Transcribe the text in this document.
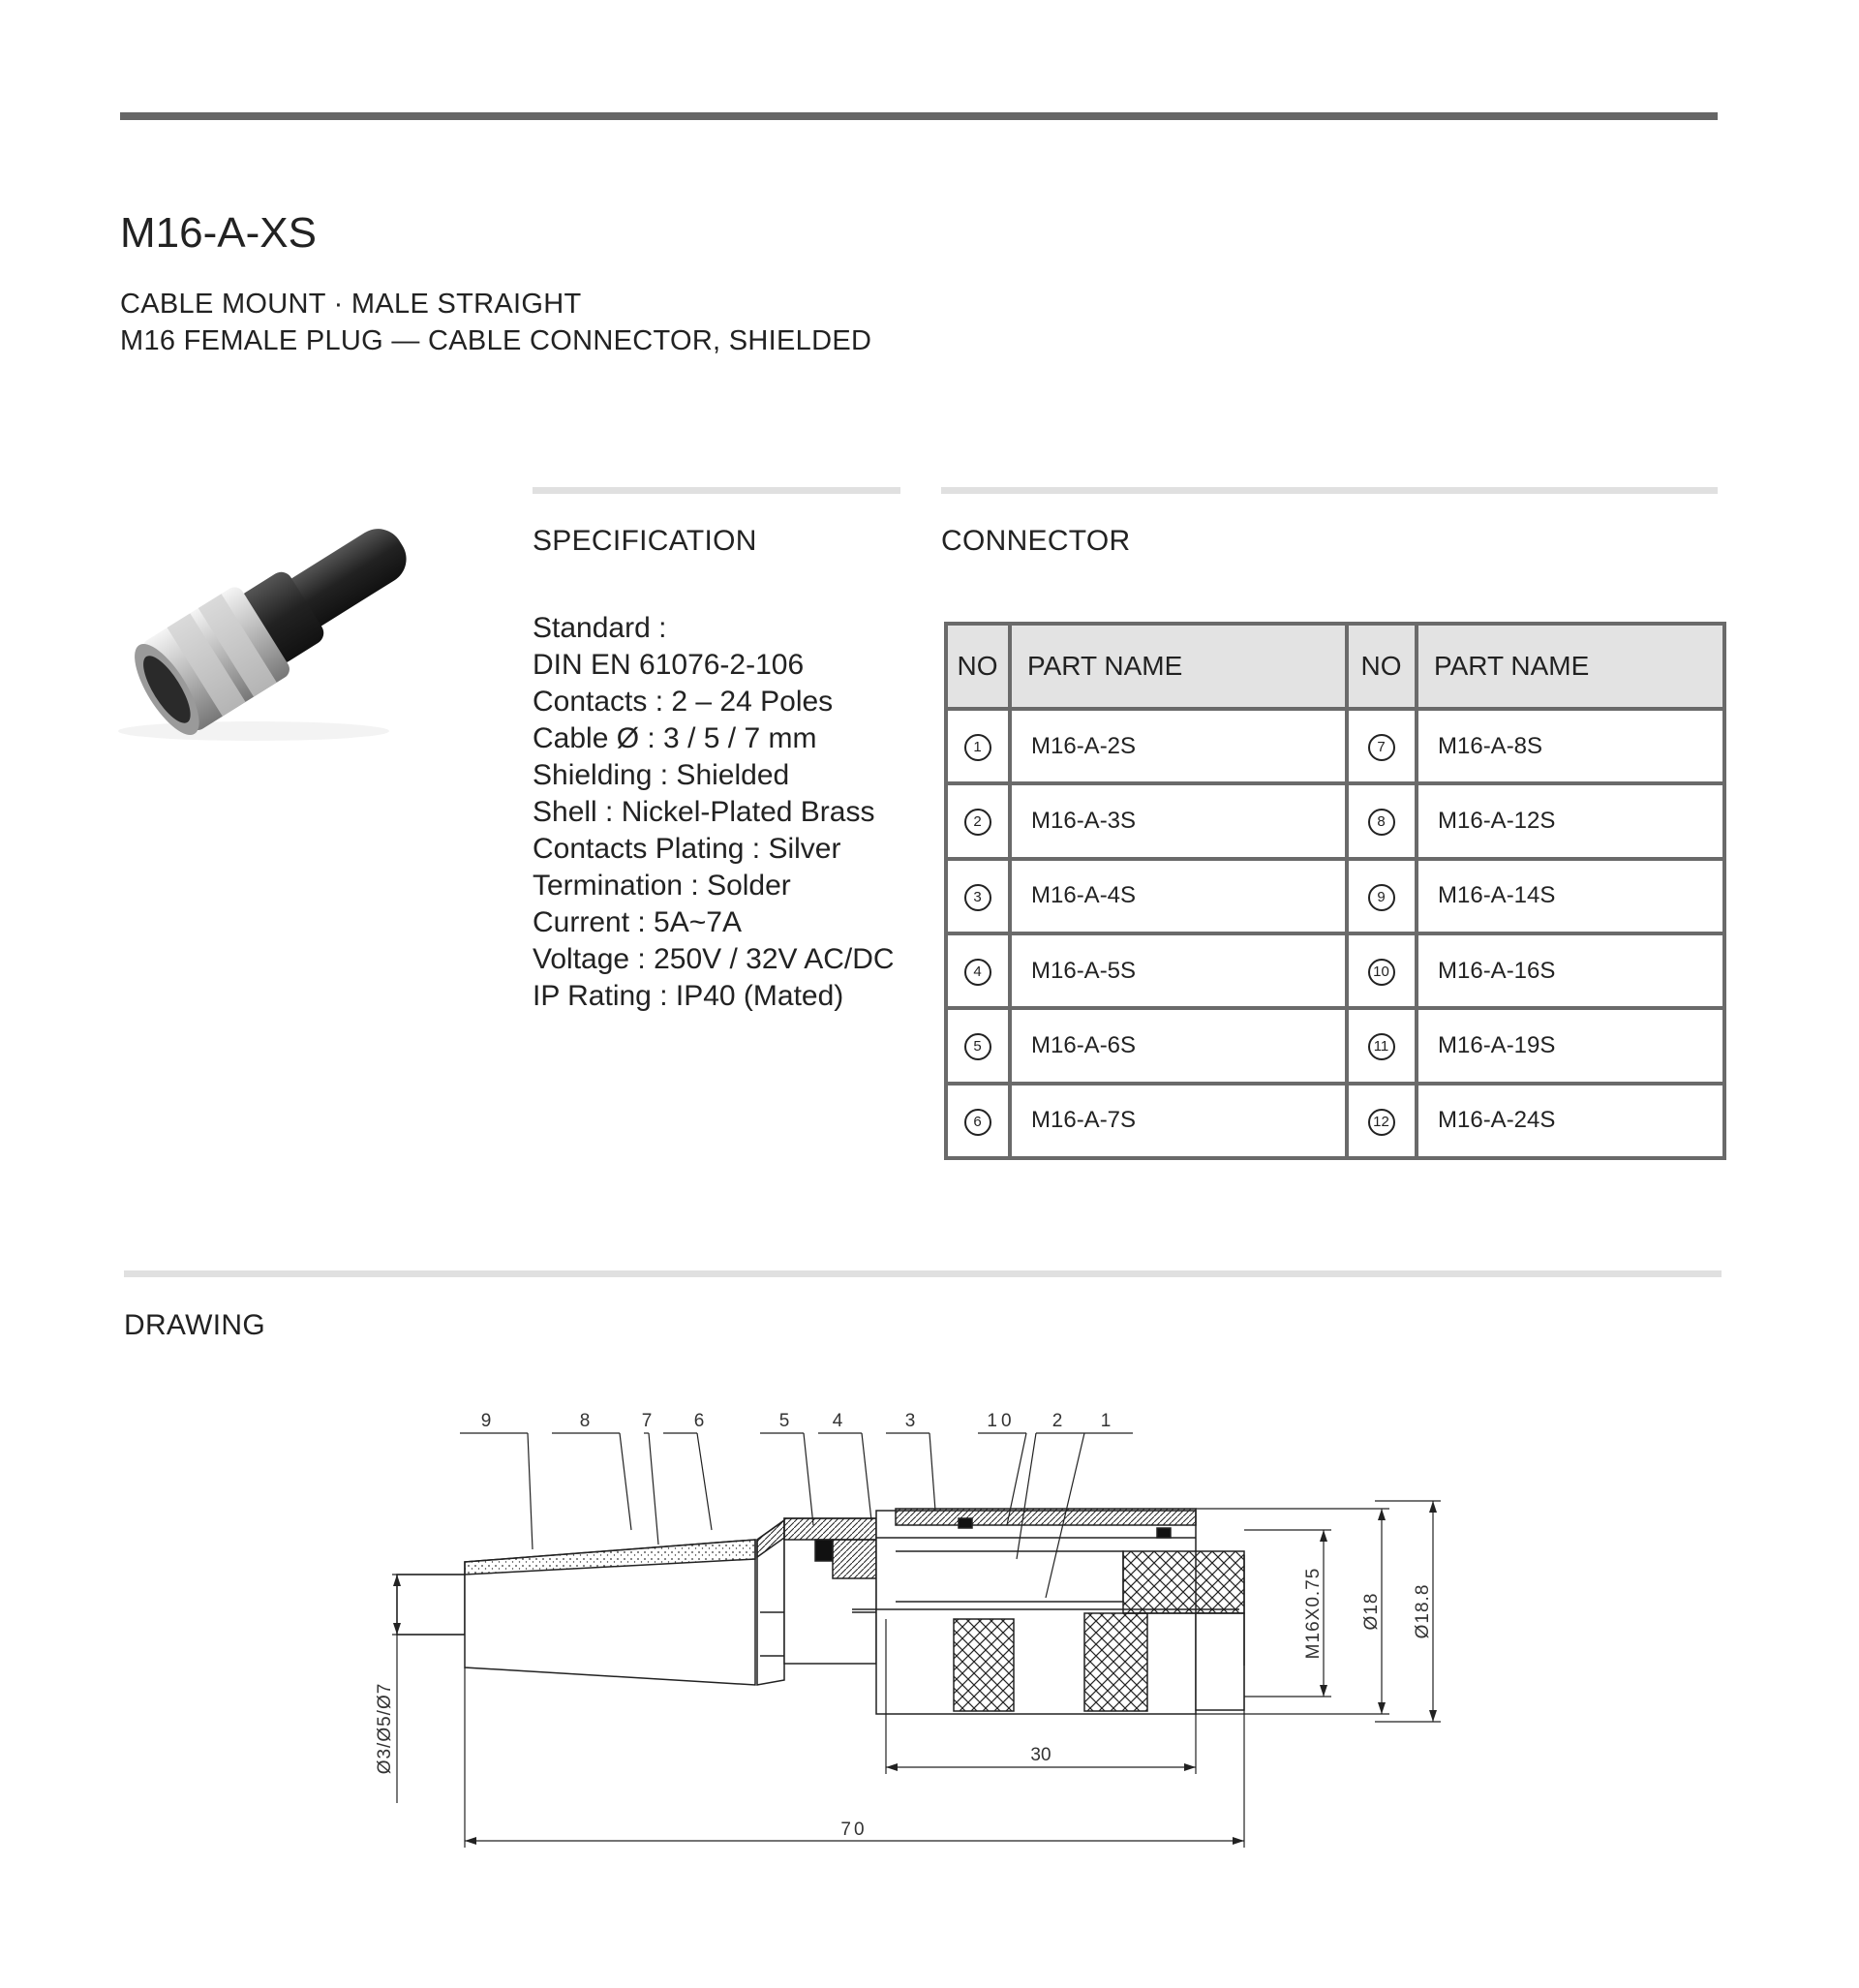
M16-A-XS
CABLE MOUNT · MALE STRAIGHT
M16 FEMALE PLUG — CABLE CONNECTOR, SHIELDED
SPECIFICATION
Standard :
DIN EN 61076-2-106
Contacts : 2 – 24 Poles
Cable Ø : 3 / 5 / 7 mm
Shielding : Shielded
Shell : Nickel-Plated Brass
Contacts Plating : Silver
Termination : Solder
Current : 5A~7A
Voltage : 250V / 32V AC/DC
IP Rating : IP40 (Mated)
CONNECTOR
NO	PART NAME	NO	PART NAME
1	M16-A-2S	7	M16-A-8S
2	M16-A-3S	8	M16-A-12S
3	M16-A-4S	9	M16-A-14S
4	M16-A-5S	10	M16-A-16S
5	M16-A-6S	11	M16-A-19S
6	M16-A-7S	12	M16-A-24S
DRAWING
9	8	7 6	5 4	3	10 2 1
30
70
M16X0.75 Ø18 Ø18.8
Ø3/Ø5/Ø7
